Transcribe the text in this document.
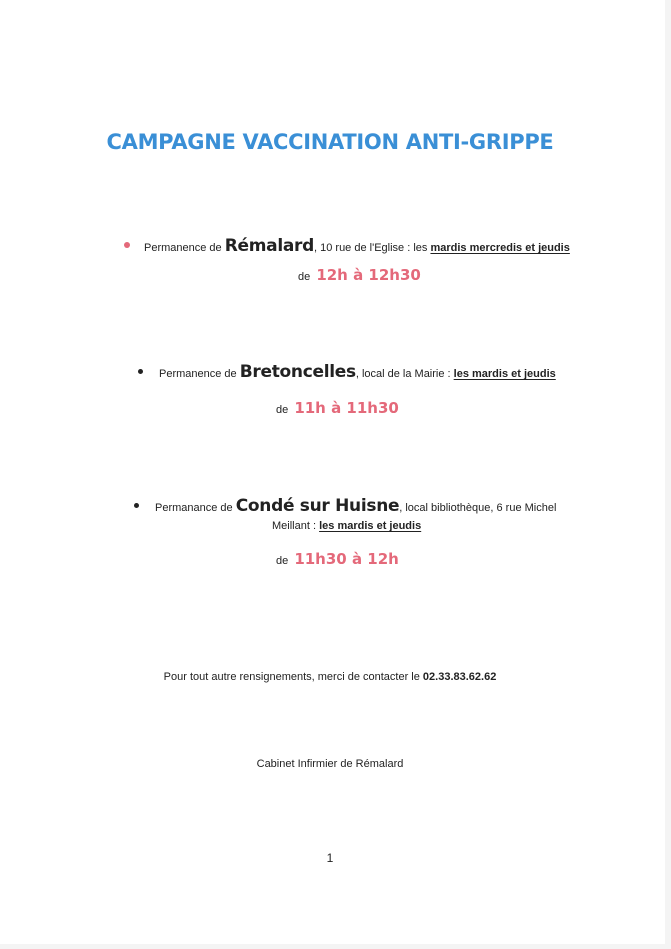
CAMPAGNE VACCINATION ANTI-GRIPPE
Permanence de Rémalard, 10 rue de l'Eglise : les mardis mercredis et jeudis
de 12h à 12h30
Permanence de Bretoncelles, local de la Mairie : les mardis et jeudis
de 11h à 11h30
Permanance de Condé sur Huisne, local bibliothèque, 6 rue Michel
Meillant : les mardis et jeudis
de 11h30 à 12h
Pour tout autre rensignements, merci de contacter le 02.33.83.62.62
Cabinet Infirmier de Rémalard
1
